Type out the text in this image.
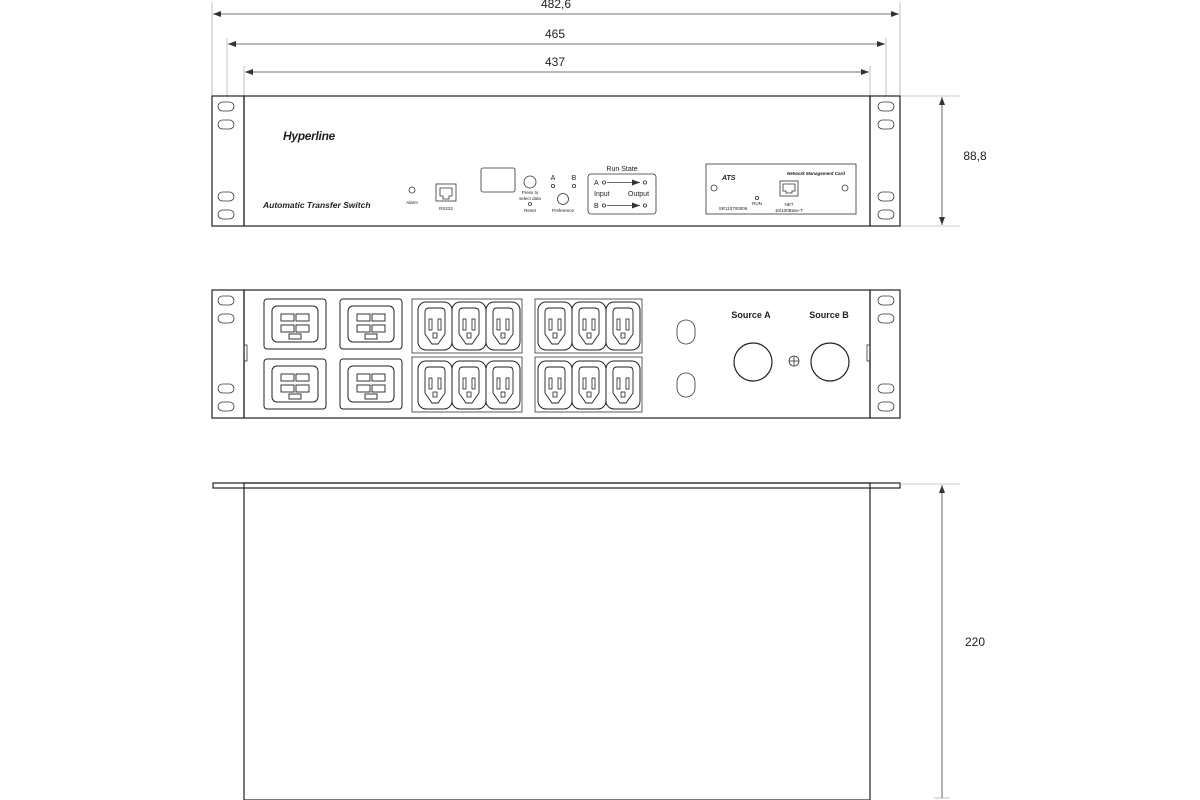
482,6
465
437
88,8
Hyperline
Automatic Transfer Switch	Alarm
RS232
Press to
select data
Reset
A B
Preference
Run State
A
Input	Output
B
Network Management Card
ATS
SR110700006
RUN	NET
10/100Base-T
Source A	Source B
220
